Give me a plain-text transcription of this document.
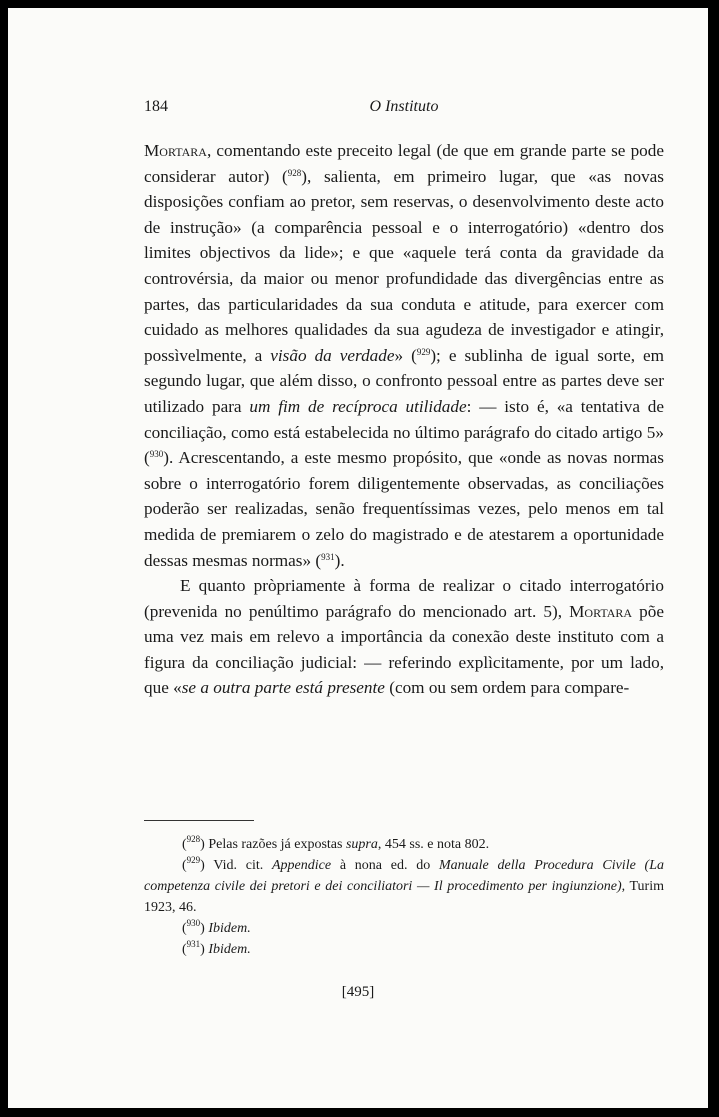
184	O Instituto

Mortara, comentando este preceito legal (de que em grande parte se pode considerar autor) ($^{928}$), salienta, em primeiro lugar, que «as novas disposições confiam ao pretor, sem reservas, o desenvolvimento deste acto de instrução» (a comparência pessoal e o interrogatório) «dentro dos limites objectivos da lide»; e que «aquele terá conta da gravidade da controvérsia, da maior ou menor profundidade das divergências entre as partes, das particularidades da sua conduta e atitude, para exercer com cuidado as melhores qualidades da sua agudeza de investigador e atingir, possìvelmente, a visão da verdade» ($^{929}$); e sublinha de igual sorte, em segundo lugar, que além disso, o confronto pessoal entre as partes deve ser utilizado para um fim de recíproca utilidade: — isto é, «a tentativa de conciliação, como está estabelecida no último parágrafo do citado artigo 5» ($^{930}$). Acrescentando, a este mesmo propósito, que «onde as novas normas sobre o interrogatório forem diligentemente observadas, as conciliações poderão ser realizadas, senão frequentíssimas vezes, pelo menos em tal medida de premiarem o zelo do magistrado e de atestarem a oportunidade dessas mesmas normas» ($^{931}$).

E quanto pròpriamente à forma de realizar o citado interrogatório (prevenida no penúltimo parágrafo do mencionado art. 5), Mortara põe uma vez mais em relevo a importância da conexão deste instituto com a figura da conciliação judicial: — referindo explìcitamente, por um lado, que «se a outra parte está presente (com ou sem ordem para compare-

($^{928}$) Pelas razões já expostas supra, 454 ss. e nota 802.

($^{929}$) Vid. cit. Appendice à nona ed. do Manuale della Procedura Civile (La competenza civile dei pretori e dei conciliatori — Il procedimento per ingiunzione), Turim 1923, 46.

($^{930}$) Ibidem.

($^{931}$) Ibidem.

[495]
